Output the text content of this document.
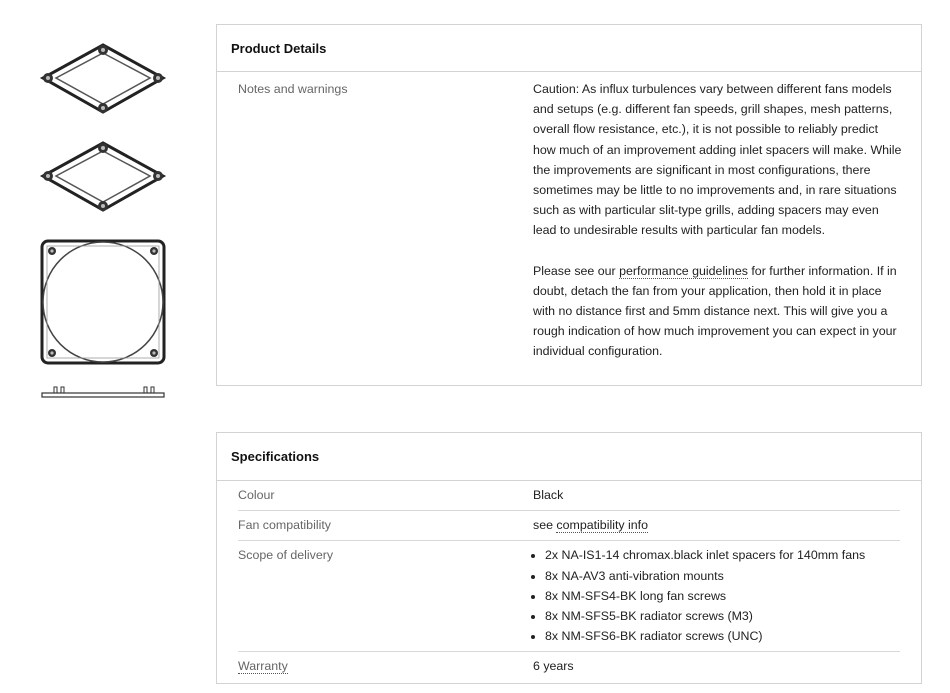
Product Details
Notes and warnings	Caution: As influx turbulences vary between different fans models and setups (e.g. different fan speeds, grill shapes, mesh patterns, overall flow resistance, etc.), it is not possible to reliably predict how much of an improvement adding inlet spacers will make. While the improvements are significant in most configurations, there sometimes may be little to no improvements and, in rare situations such as with particular slit-type grills, adding spacers may even lead to undesirable results with particular fan models.

Please see our performance guidelines for further information. If in doubt, detach the fan from your application, then hold it in place with no distance first and 5mm distance next. This will give you a rough indication of how much improvement you can expect in your individual configuration.

Specifications
Colour	Black
Fan compatibility	see compatibility info
Scope of delivery
•	2x NA-IS1-14 chromax.black inlet spacers for 140mm fans
• 8x NA-AV3 anti-vibration mounts
• 8x NM-SFS4-BK long fan screws
• 8x NM-SFS5-BK radiator screws (M3)
• 8x NM-SFS6-BK radiator screws (UNC)
Warranty	6 years
